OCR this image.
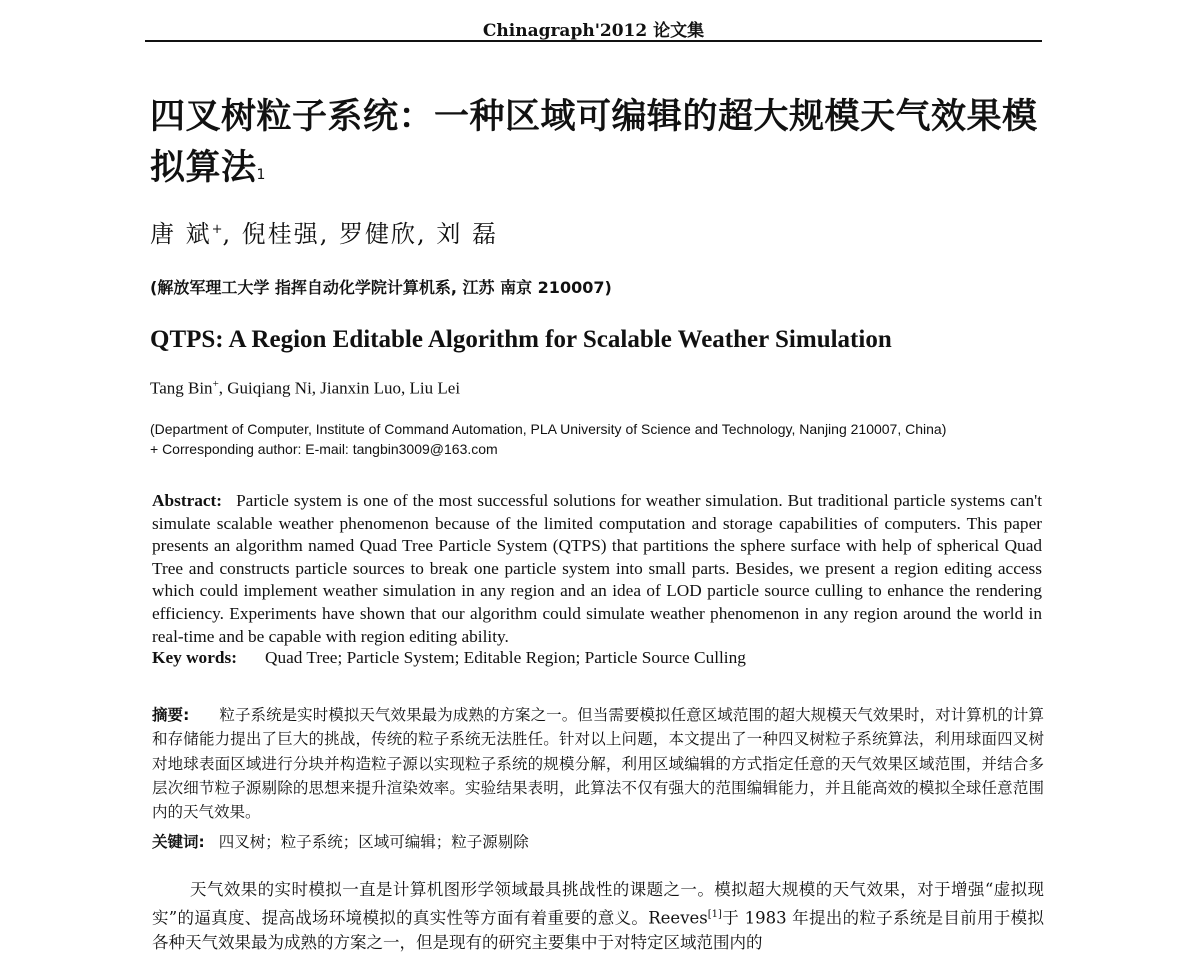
Chinagraph'2012 论文集
四叉树粒子系统：一种区域可编辑的超大规模天气效果模拟算法1
唐 斌+, 倪桂强, 罗健欣, 刘 磊
(解放军理工大学 指挥自动化学院计算机系, 江苏 南京 210007)
QTPS: A Region Editable Algorithm for Scalable Weather Simulation
Tang Bin+, Guiqiang Ni, Jianxin Luo, Liu Lei
(Department of Computer, Institute of Command Automation, PLA University of Science and Technology, Nanjing 210007, China)
+ Corresponding author: E-mail: tangbin3009@163.com
Abstract: Particle system is one of the most successful solutions for weather simulation. But traditional particle systems can't simulate scalable weather phenomenon because of the limited computation and storage capabilities of computers. This paper presents an algorithm named Quad Tree Particle System (QTPS) that partitions the sphere surface with help of spherical Quad Tree and constructs particle sources to break one particle system into small parts. Besides, we present a region editing access which could implement weather simulation in any region and an idea of LOD particle source culling to enhance the rendering efficiency. Experiments have shown that our algorithm could simulate weather phenomenon in any region around the world in real-time and be capable with region editing ability.
Key words: Quad Tree; Particle System; Editable Region; Particle Source Culling
摘要: 粒子系统是实时模拟天气效果最为成熟的方案之一。但当需要模拟任意区域范围的超大规模天气效果时，对计算机的计算和存储能力提出了巨大的挑战，传统的粒子系统无法胜任。针对以上问题，本文提出了一种四叉树粒子系统算法，利用球面四叉树对地球表面区域进行分块并构造粒子源以实现粒子系统的规模分解，利用区域编辑的方式指定任意的天气效果区域范围，并结合多层次细节粒子源剔除的思想来提升渲染效率。实验结果表明，此算法不仅有强大的范围编辑能力，并且能高效的模拟全球任意范围内的天气效果。
关键词: 四叉树；粒子系统；区域可编辑；粒子源剔除
天气效果的实时模拟一直是计算机图形学领域最具挑战性的课题之一。模拟超大规模的天气效果，对于增强“虚拟现实”的逼真度、提高战场环境模拟的真实性等方面有着重要的意义。Reeves[1]于 1983 年提出的粒子系统是目前用于模拟各种天气效果最为成熟的方案之一，但是现有的研究主要集中于对特定区域范围内的
